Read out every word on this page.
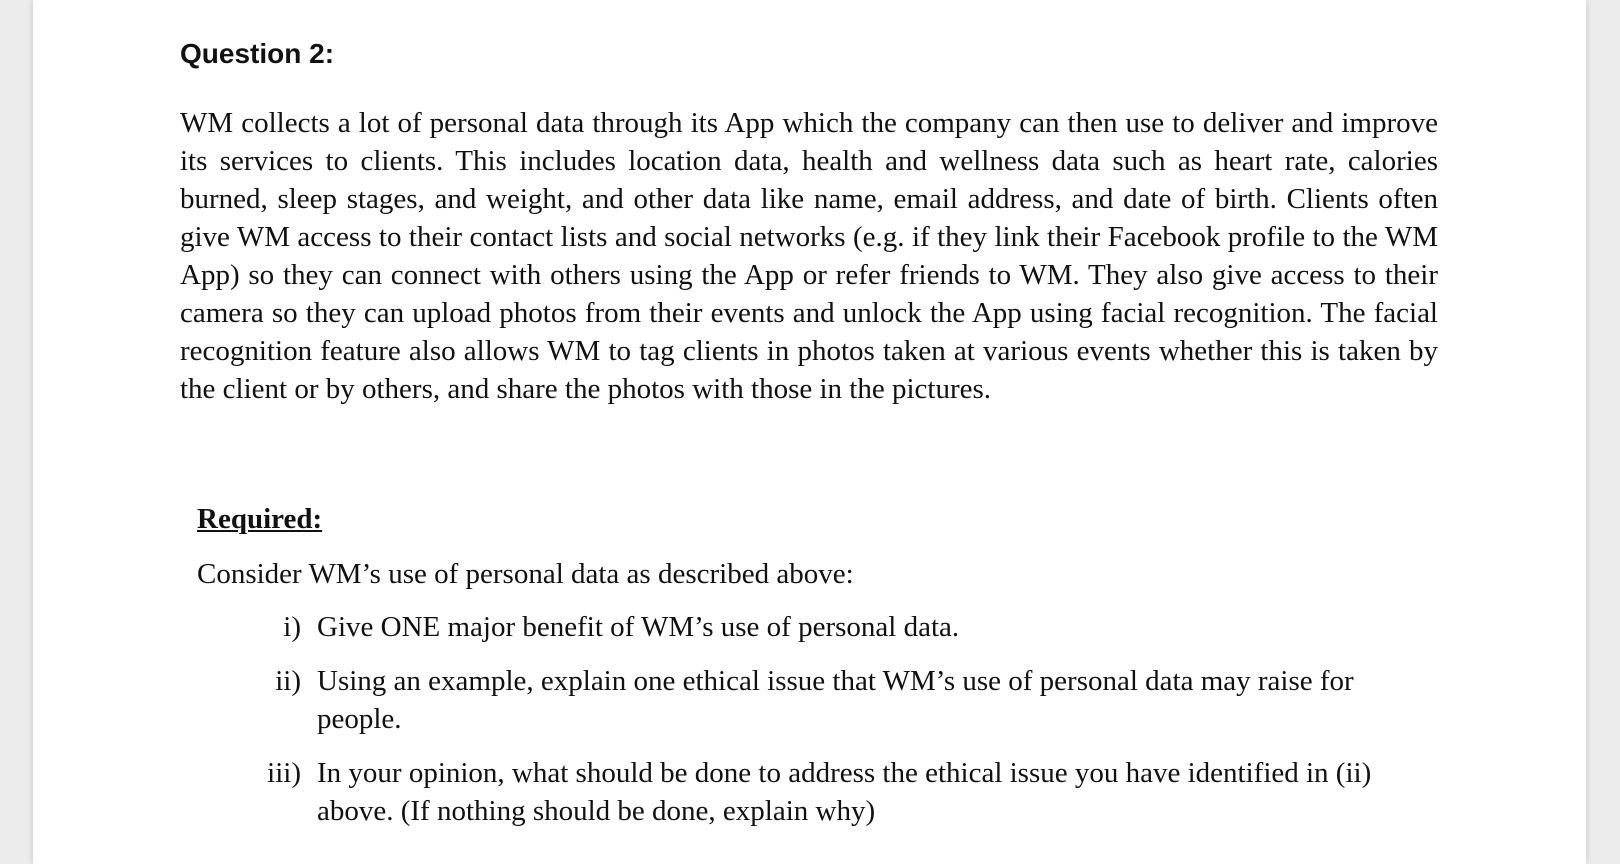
Question 2:

WM collects a lot of personal data through its App which the company can then use to deliver and improve its services to clients. This includes location data, health and wellness data such as heart rate, calories burned, sleep stages, and weight, and other data like name, email address, and date of birth. Clients often give WM access to their contact lists and social networks (e.g. if they link their Facebook profile to the WM App) so they can connect with others using the App or refer friends to WM. They also give access to their camera so they can upload photos from their events and unlock the App using facial recognition. The facial recognition feature also allows WM to tag clients in photos taken at various events whether this is taken by the client or by others, and share the photos with those in the pictures.

Required:

Consider WM’s use of personal data as described above:

i) Give ONE major benefit of WM’s use of personal data.
ii) Using an example, explain one ethical issue that WM’s use of personal data may raise for people.
iii) In your opinion, what should be done to address the ethical issue you have identified in (ii) above. (If nothing should be done, explain why)
